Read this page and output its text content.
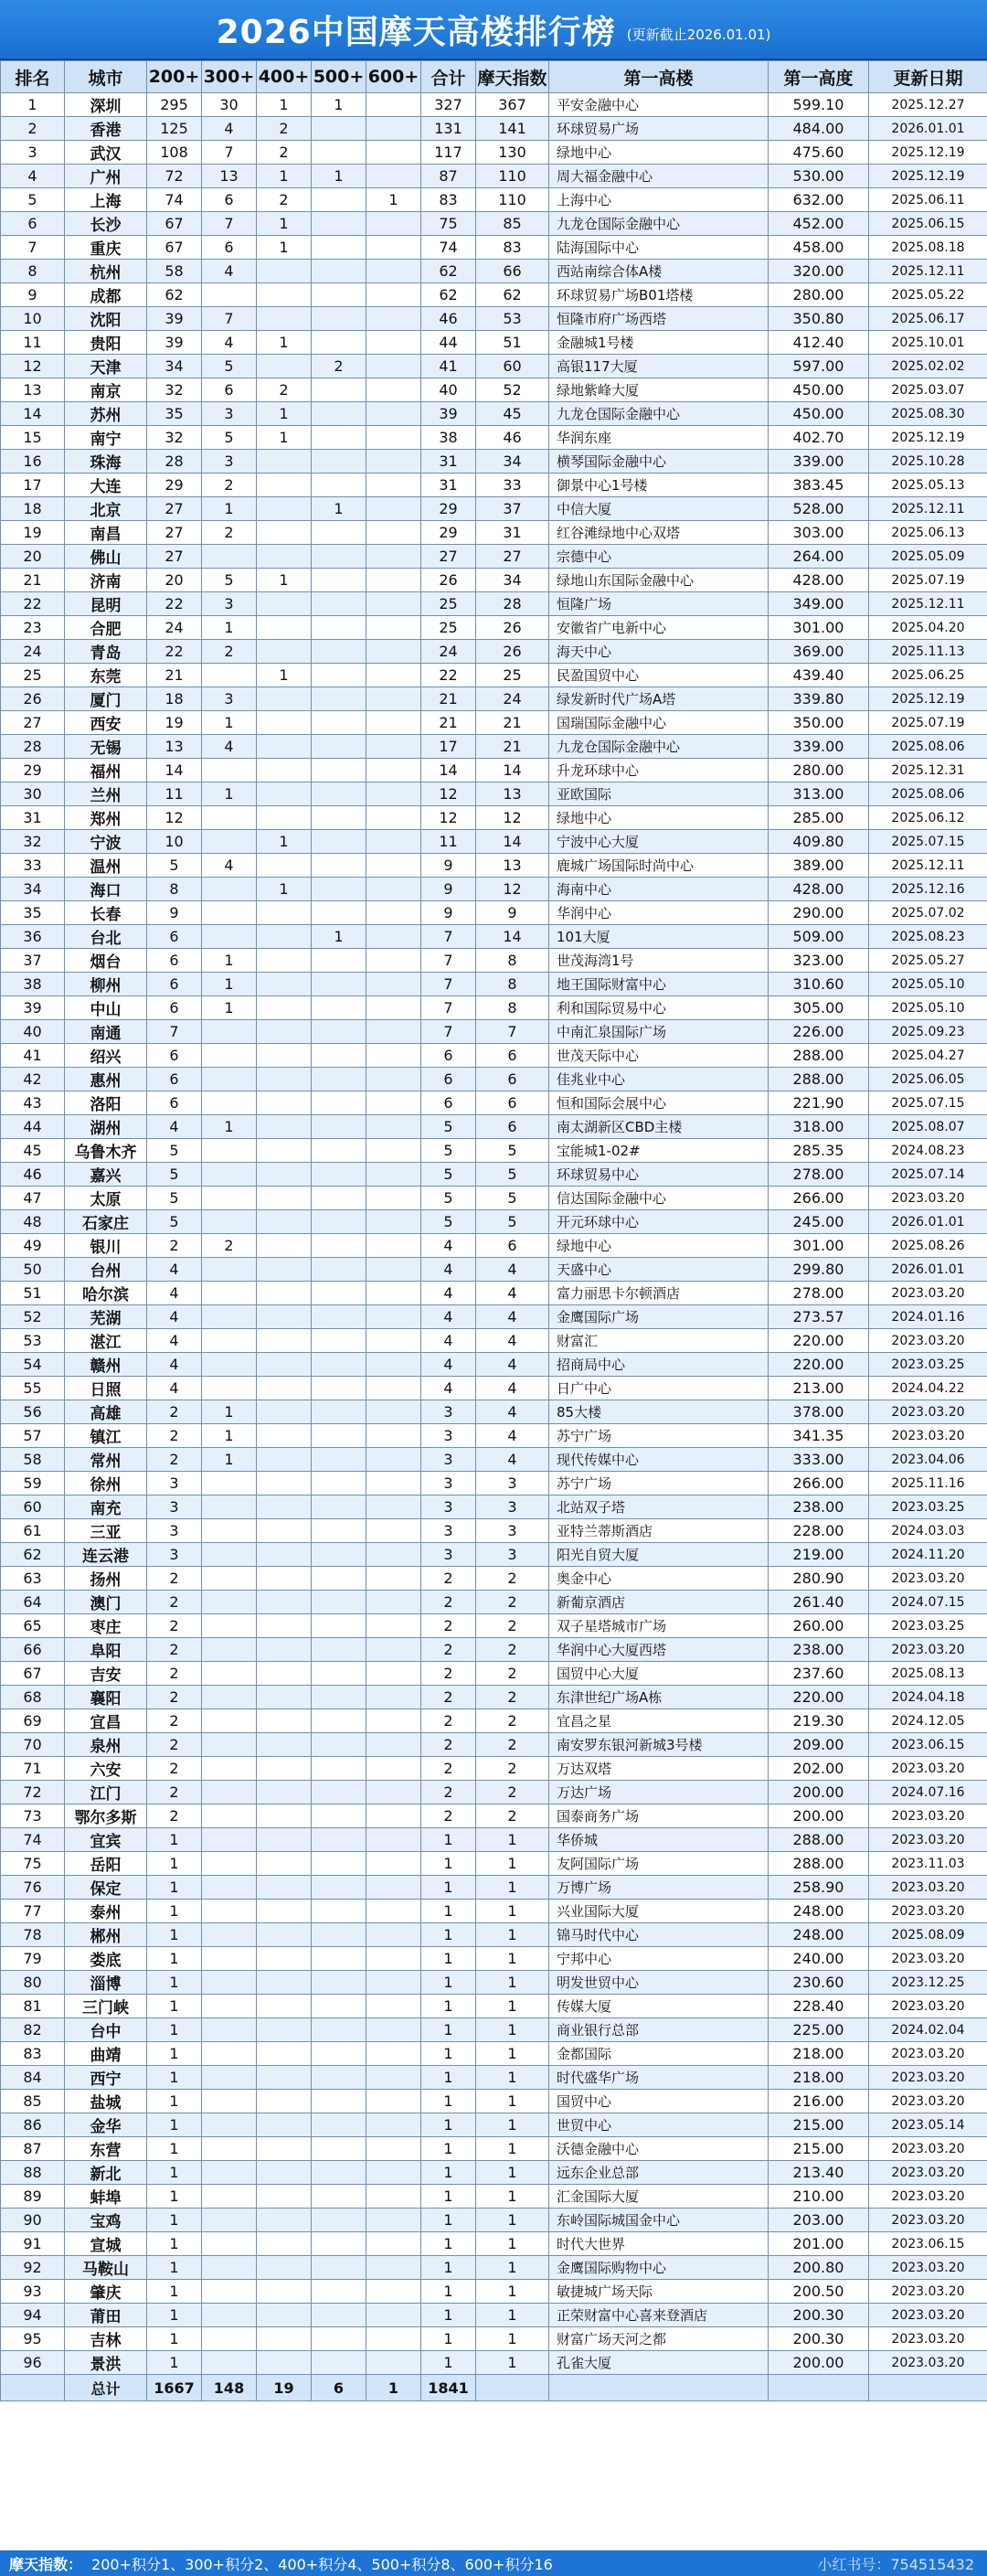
2026中国摩天高楼排行榜 (更新截止2026.01.01)
排名	城市	200+	300+	400+	500+	600+	合计	摩天指数	第一高楼	第一高度	更新日期
1	深圳	295	30	1	1		327	367	平安金融中心	599.10	2025.12.27
2	香港	125	4	2			131	141	环球贸易广场	484.00	2026.01.01
3	武汉	108	7	2			117	130	绿地中心	475.60	2025.12.19
4	广州	72	13	1	1		87	110	周大福金融中心	530.00	2025.12.19
5	上海	74	6	2		1	83	110	上海中心	632.00	2025.06.11
6	长沙	67	7	1			75	85	九龙仓国际金融中心	452.00	2025.06.15
7	重庆	67	6	1			74	83	陆海国际中心	458.00	2025.08.18
8	杭州	58	4				62	66	西站南综合体A楼	320.00	2025.12.11
9	成都	62					62	62	环球贸易广场B01塔楼	280.00	2025.05.22
10	沈阳	39	7				46	53	恒隆市府广场西塔	350.80	2025.06.17
11	贵阳	39	4	1			44	51	金融城1号楼	412.40	2025.10.01
12	天津	34	5		2		41	60	高银117大厦	597.00	2025.02.02
13	南京	32	6	2			40	52	绿地紫峰大厦	450.00	2025.03.07
14	苏州	35	3	1			39	45	九龙仓国际金融中心	450.00	2025.08.30
15	南宁	32	5	1			38	46	华润东座	402.70	2025.12.19
16	珠海	28	3				31	34	横琴国际金融中心	339.00	2025.10.28
17	大连	29	2				31	33	御景中心1号楼	383.45	2025.05.13
18	北京	27	1		1		29	37	中信大厦	528.00	2025.12.11
19	南昌	27	2				29	31	红谷滩绿地中心双塔	303.00	2025.06.13
20	佛山	27					27	27	宗德中心	264.00	2025.05.09
21	济南	20	5	1			26	34	绿地山东国际金融中心	428.00	2025.07.19
22	昆明	22	3				25	28	恒隆广场	349.00	2025.12.11
23	合肥	24	1				25	26	安徽省广电新中心	301.00	2025.04.20
24	青岛	22	2				24	26	海天中心	369.00	2025.11.13
25	东莞	21		1			22	25	民盈国贸中心	439.40	2025.06.25
26	厦门	18	3				21	24	绿发新时代广场A塔	339.80	2025.12.19
27	西安	19	1				21	21	国瑞国际金融中心	350.00	2025.07.19
28	无锡	13	4				17	21	九龙仓国际金融中心	339.00	2025.08.06
29	福州	14					14	14	升龙环球中心	280.00	2025.12.31
30	兰州	11	1				12	13	亚欧国际	313.00	2025.08.06
31	郑州	12					12	12	绿地中心	285.00	2025.06.12
32	宁波	10		1			11	14	宁波中心大厦	409.80	2025.07.15
33	温州	5	4				9	13	鹿城广场国际时尚中心	389.00	2025.12.11
34	海口	8		1			9	12	海南中心	428.00	2025.12.16
35	长春	9					9	9	华润中心	290.00	2025.07.02
36	台北	6			1		7	14	101大厦	509.00	2025.08.23
37	烟台	6	1				7	8	世茂海湾1号	323.00	2025.05.27
38	柳州	6	1				7	8	地王国际财富中心	310.60	2025.05.10
39	中山	6	1				7	8	利和国际贸易中心	305.00	2025.05.10
40	南通	7					7	7	中南汇泉国际广场	226.00	2025.09.23
41	绍兴	6					6	6	世茂天际中心	288.00	2025.04.27
42	惠州	6					6	6	佳兆业中心	288.00	2025.06.05
43	洛阳	6					6	6	恒和国际会展中心	221.90	2025.07.15
44	湖州	4	1				5	6	南太湖新区CBD主楼	318.00	2025.08.07
45	乌鲁木齐	5					5	5	宝能城1-02#	285.35	2024.08.23
46	嘉兴	5					5	5	环球贸易中心	278.00	2025.07.14
47	太原	5					5	5	信达国际金融中心	266.00	2023.03.20
48	石家庄	5					5	5	开元环球中心	245.00	2026.01.01
49	银川	2	2				4	6	绿地中心	301.00	2025.08.26
50	台州	4					4	4	天盛中心	299.80	2026.01.01
51	哈尔滨	4					4	4	富力丽思卡尔顿酒店	278.00	2023.03.20
52	芜湖	4					4	4	金鹰国际广场	273.57	2024.01.16
53	湛江	4					4	4	财富汇	220.00	2023.03.20
54	赣州	4					4	4	招商局中心	220.00	2023.03.25
55	日照	4					4	4	日广中心	213.00	2024.04.22
56	高雄	2	1				3	4	85大楼	378.00	2023.03.20
57	镇江	2	1				3	4	苏宁广场	341.35	2023.03.20
58	常州	2	1				3	4	现代传媒中心	333.00	2023.04.06
59	徐州	3					3	3	苏宁广场	266.00	2025.11.16
60	南充	3					3	3	北站双子塔	238.00	2023.03.25
61	三亚	3					3	3	亚特兰蒂斯酒店	228.00	2024.03.03
62	连云港	3					3	3	阳光自贸大厦	219.00	2024.11.20
63	扬州	2					2	2	奥金中心	280.90	2023.03.20
64	澳门	2					2	2	新葡京酒店	261.40	2024.07.15
65	枣庄	2					2	2	双子星塔城市广场	260.00	2023.03.25
66	阜阳	2					2	2	华润中心大厦西塔	238.00	2023.03.20
67	吉安	2					2	2	国贸中心大厦	237.60	2025.08.13
68	襄阳	2					2	2	东津世纪广场A栋	220.00	2024.04.18
69	宜昌	2					2	2	宜昌之星	219.30	2024.12.05
70	泉州	2					2	2	南安罗东银河新城3号楼	209.00	2023.06.15
71	六安	2					2	2	万达双塔	202.00	2023.03.20
72	江门	2					2	2	万达广场	200.00	2024.07.16
73	鄂尔多斯	2					2	2	国泰商务广场	200.00	2023.03.20
74	宜宾	1					1	1	华侨城	288.00	2023.03.20
75	岳阳	1					1	1	友阿国际广场	288.00	2023.11.03
76	保定	1					1	1	万博广场	258.90	2023.03.20
77	泰州	1					1	1	兴业国际大厦	248.00	2023.03.20
78	郴州	1					1	1	锦马时代中心	248.00	2025.08.09
79	娄底	1					1	1	宁邦中心	240.00	2023.03.20
80	淄博	1					1	1	明发世贸中心	230.60	2023.12.25
81	三门峡	1					1	1	传媒大厦	228.40	2023.03.20
82	台中	1					1	1	商业银行总部	225.00	2024.02.04
83	曲靖	1					1	1	金都国际	218.00	2023.03.20
84	西宁	1					1	1	时代盛华广场	218.00	2023.03.20
85	盐城	1					1	1	国贸中心	216.00	2023.03.20
86	金华	1					1	1	世贸中心	215.00	2023.05.14
87	东营	1					1	1	沃德金融中心	215.00	2023.03.20
88	新北	1					1	1	远东企业总部	213.40	2023.03.20
89	蚌埠	1					1	1	汇金国际大厦	210.00	2023.03.20
90	宝鸡	1					1	1	东岭国际城国金中心	203.00	2023.03.20
91	宣城	1					1	1	时代大世界	201.00	2023.06.15
92	马鞍山	1					1	1	金鹰国际购物中心	200.80	2023.03.20
93	肇庆	1					1	1	敏捷城广场天际	200.50	2023.03.20
94	莆田	1					1	1	正荣财富中心喜来登酒店	200.30	2023.03.20
95	吉林	1					1	1	财富广场天河之都	200.30	2023.03.20
96	景洪	1					1	1	孔雀大厦	200.00	2023.03.20
	总计	1667	148	19	6	1	1841				
摩天指数： 200+积分1、300+积分2、400+积分4、500+积分8、600+积分16	小红书号：754515432
